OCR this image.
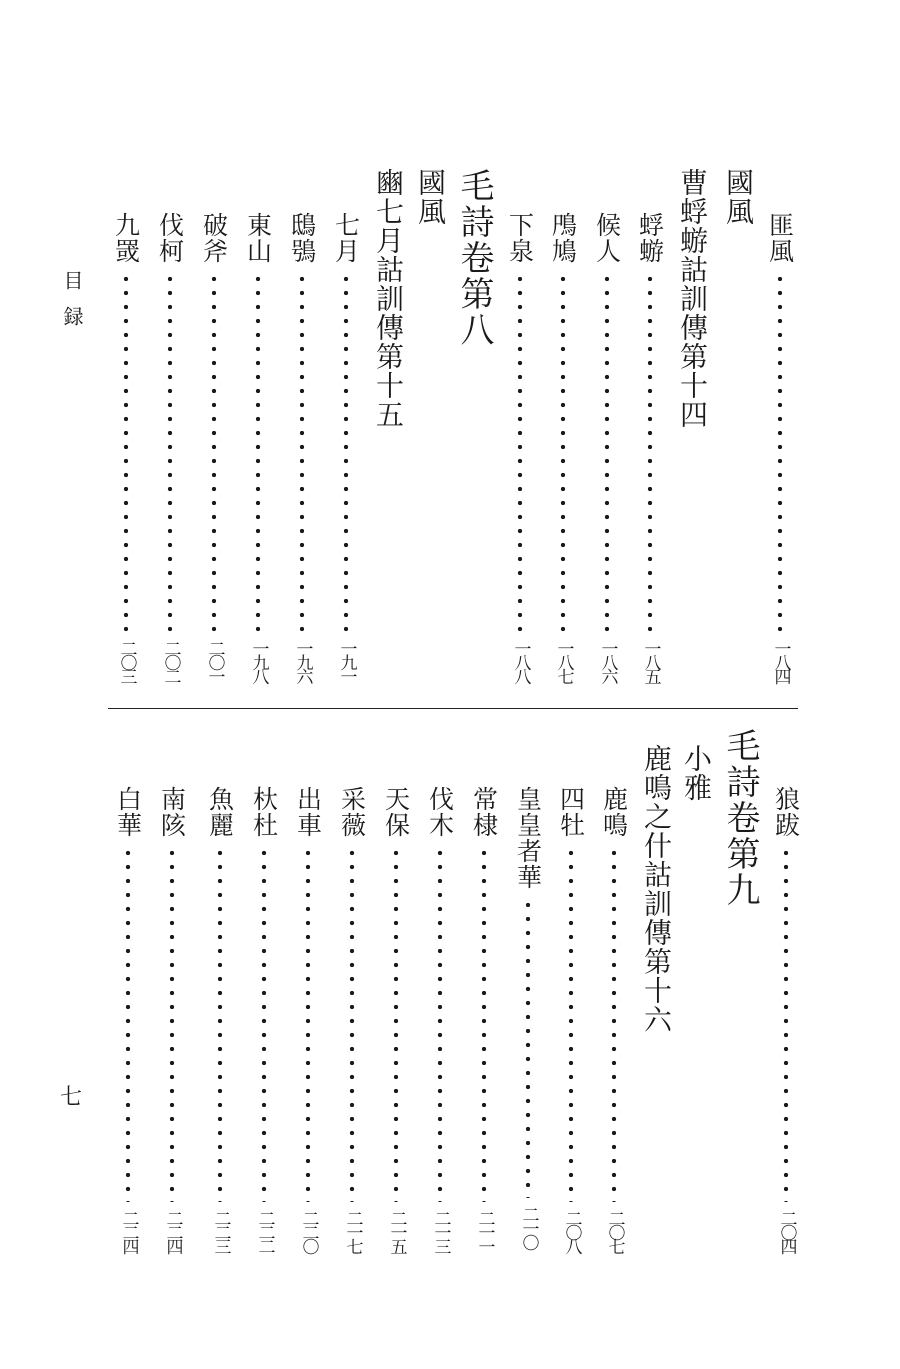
目録
七
匪風
一八四
國風
曹蜉蝣詁訓傳第十四
蜉蝣
一八五
候人
一八六
鳲鳩
一八七
下泉
一八八
毛詩卷第八
國風
豳七月詁訓傳第十五
七月
一九一
鴟鴞
一九六
東山
一九八
破斧
二〇一
伐柯
二〇二
九罭
二〇三
狼跋
二〇四
毛詩卷第九
小雅
鹿鳴之什詁訓傳第十六
鹿鳴
二〇七
四牡
二〇八
皇皇者華
二一〇
常棣
二一一
伐木
二一三
天保
二一五
采薇
二一七
出車
二二〇
杕杜
二二二
魚麗
二二三
南陔
二二四
白華
二二四
